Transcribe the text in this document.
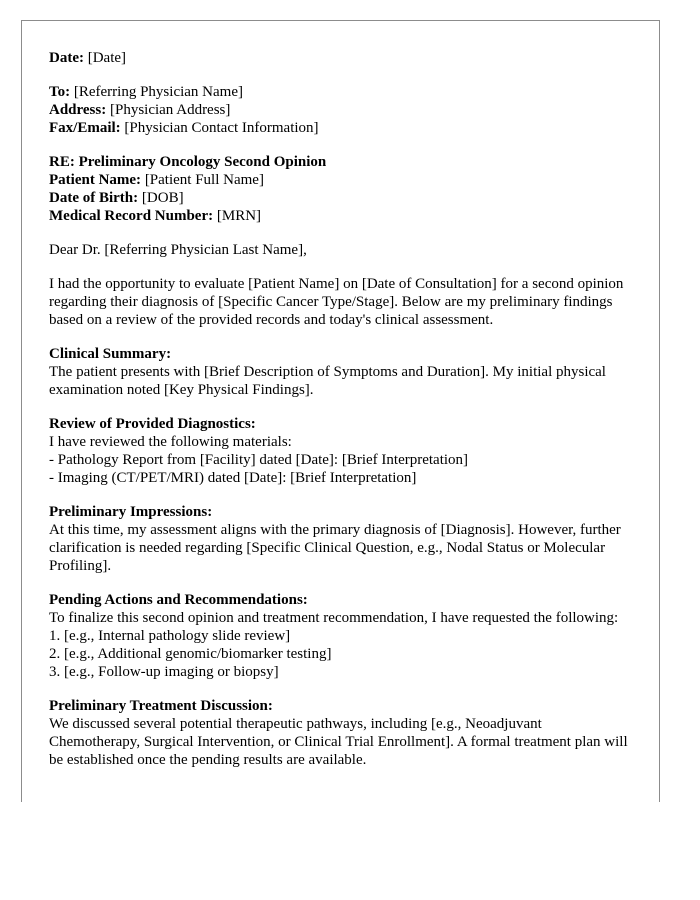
Date: [Date]
To: [Referring Physician Name]
Address: [Physician Address]
Fax/Email: [Physician Contact Information]
RE: Preliminary Oncology Second Opinion
Patient Name: [Patient Full Name]
Date of Birth: [DOB]
Medical Record Number: [MRN]
Dear Dr. [Referring Physician Last Name],
I had the opportunity to evaluate [Patient Name] on [Date of Consultation] for a second opinion regarding their diagnosis of [Specific Cancer Type/Stage]. Below are my preliminary findings based on a review of the provided records and today's clinical assessment.
Clinical Summary:
The patient presents with [Brief Description of Symptoms and Duration]. My initial physical examination noted [Key Physical Findings].
Review of Provided Diagnostics:
I have reviewed the following materials:
- Pathology Report from [Facility] dated [Date]: [Brief Interpretation]
- Imaging (CT/PET/MRI) dated [Date]: [Brief Interpretation]
Preliminary Impressions:
At this time, my assessment aligns with the primary diagnosis of [Diagnosis]. However, further clarification is needed regarding [Specific Clinical Question, e.g., Nodal Status or Molecular Profiling].
Pending Actions and Recommendations:
To finalize this second opinion and treatment recommendation, I have requested the following:
1. [e.g., Internal pathology slide review]
2. [e.g., Additional genomic/biomarker testing]
3. [e.g., Follow-up imaging or biopsy]
Preliminary Treatment Discussion:
We discussed several potential therapeutic pathways, including [e.g., Neoadjuvant Chemotherapy, Surgical Intervention, or Clinical Trial Enrollment]. A formal treatment plan will be established once the pending results are available.
